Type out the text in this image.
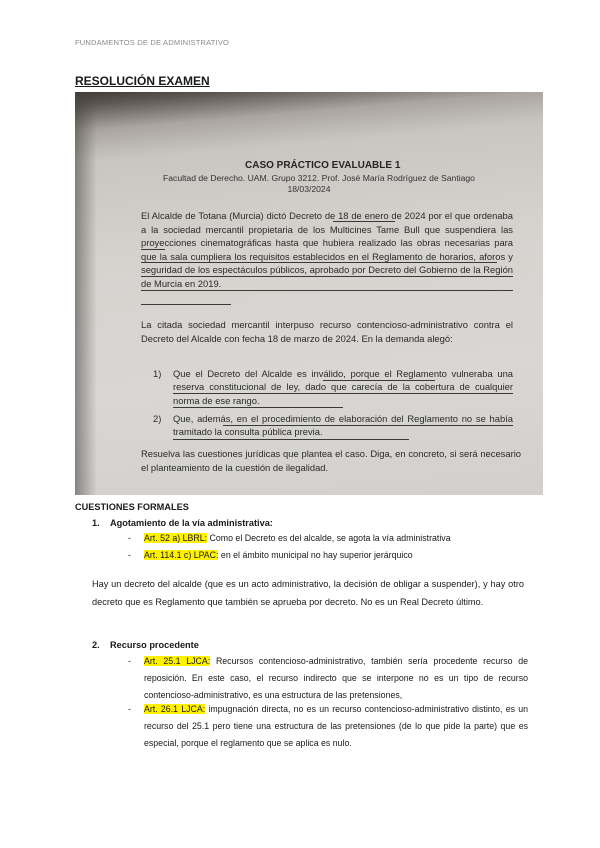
FUNDAMENTOS DE DE ADMINISTRATIVO
RESOLUCIÓN EXAMEN
CASO PRÁCTICO EVALUABLE 1
Facultad de Derecho. UAM. Grupo 3212. Prof. José María Rodríguez de Santiago
18/03/2024
El Alcalde de Totana (Murcia) dictó Decreto de 18 de enero de 2024 por el que ordenaba a la sociedad mercantil propietaria de los Multicines Tame Bull que suspendiera las proyecciones cinematográficas hasta que hubiera realizado las obras necesarias para que la sala cumpliera los requisitos establecidos en el Reglamento de horarios, aforos y seguridad de los espectáculos públicos, aprobado por Decreto del Gobierno de la Región de Murcia en 2019.
La citada sociedad mercantil interpuso recurso contencioso-administrativo contra el Decreto del Alcalde con fecha 18 de marzo de 2024. En la demanda alegó:
1) Que el Decreto del Alcalde es inválido, porque el Reglamento vulneraba una reserva constitucional de ley, dado que carecía de la cobertura de cualquier norma de ese rango.
2) Que, además, en el procedimiento de elaboración del Reglamento no se había tramitado la consulta pública previa.
Resuelva las cuestiones jurídicas que plantea el caso. Diga, en concreto, si será necesario el planteamiento de la cuestión de ilegalidad.
CUESTIONES FORMALES
1. Agotamiento de la vía administrativa:
- Art. 52 a) LBRL: Como el Decreto es del alcalde, se agota la vía administrativa
- Art. 114.1 c) LPAC: en el ámbito municipal no hay superior jerárquico
Hay un decreto del alcalde (que es un acto administrativo, la decisión de obligar a suspender), y hay otro decreto que es Reglamento que también se aprueba por decreto. No es un Real Decreto último.
2. Recurso procedente
- Art. 25.1 LJCA: Recursos contencioso-administrativo, también sería procedente recurso de reposición. En este caso, el recurso indirecto que se interpone no es un tipo de recurso contencioso-administrativo, es una estructura de las pretensiones,
- Art. 26.1 LJCA: impugnación directa, no es un recurso contencioso-administrativo distinto, es un recurso del 25.1 pero tiene una estructura de las pretensiones (de lo que pide la parte) que es especial, porque el reglamento que se aplica es nulo.
